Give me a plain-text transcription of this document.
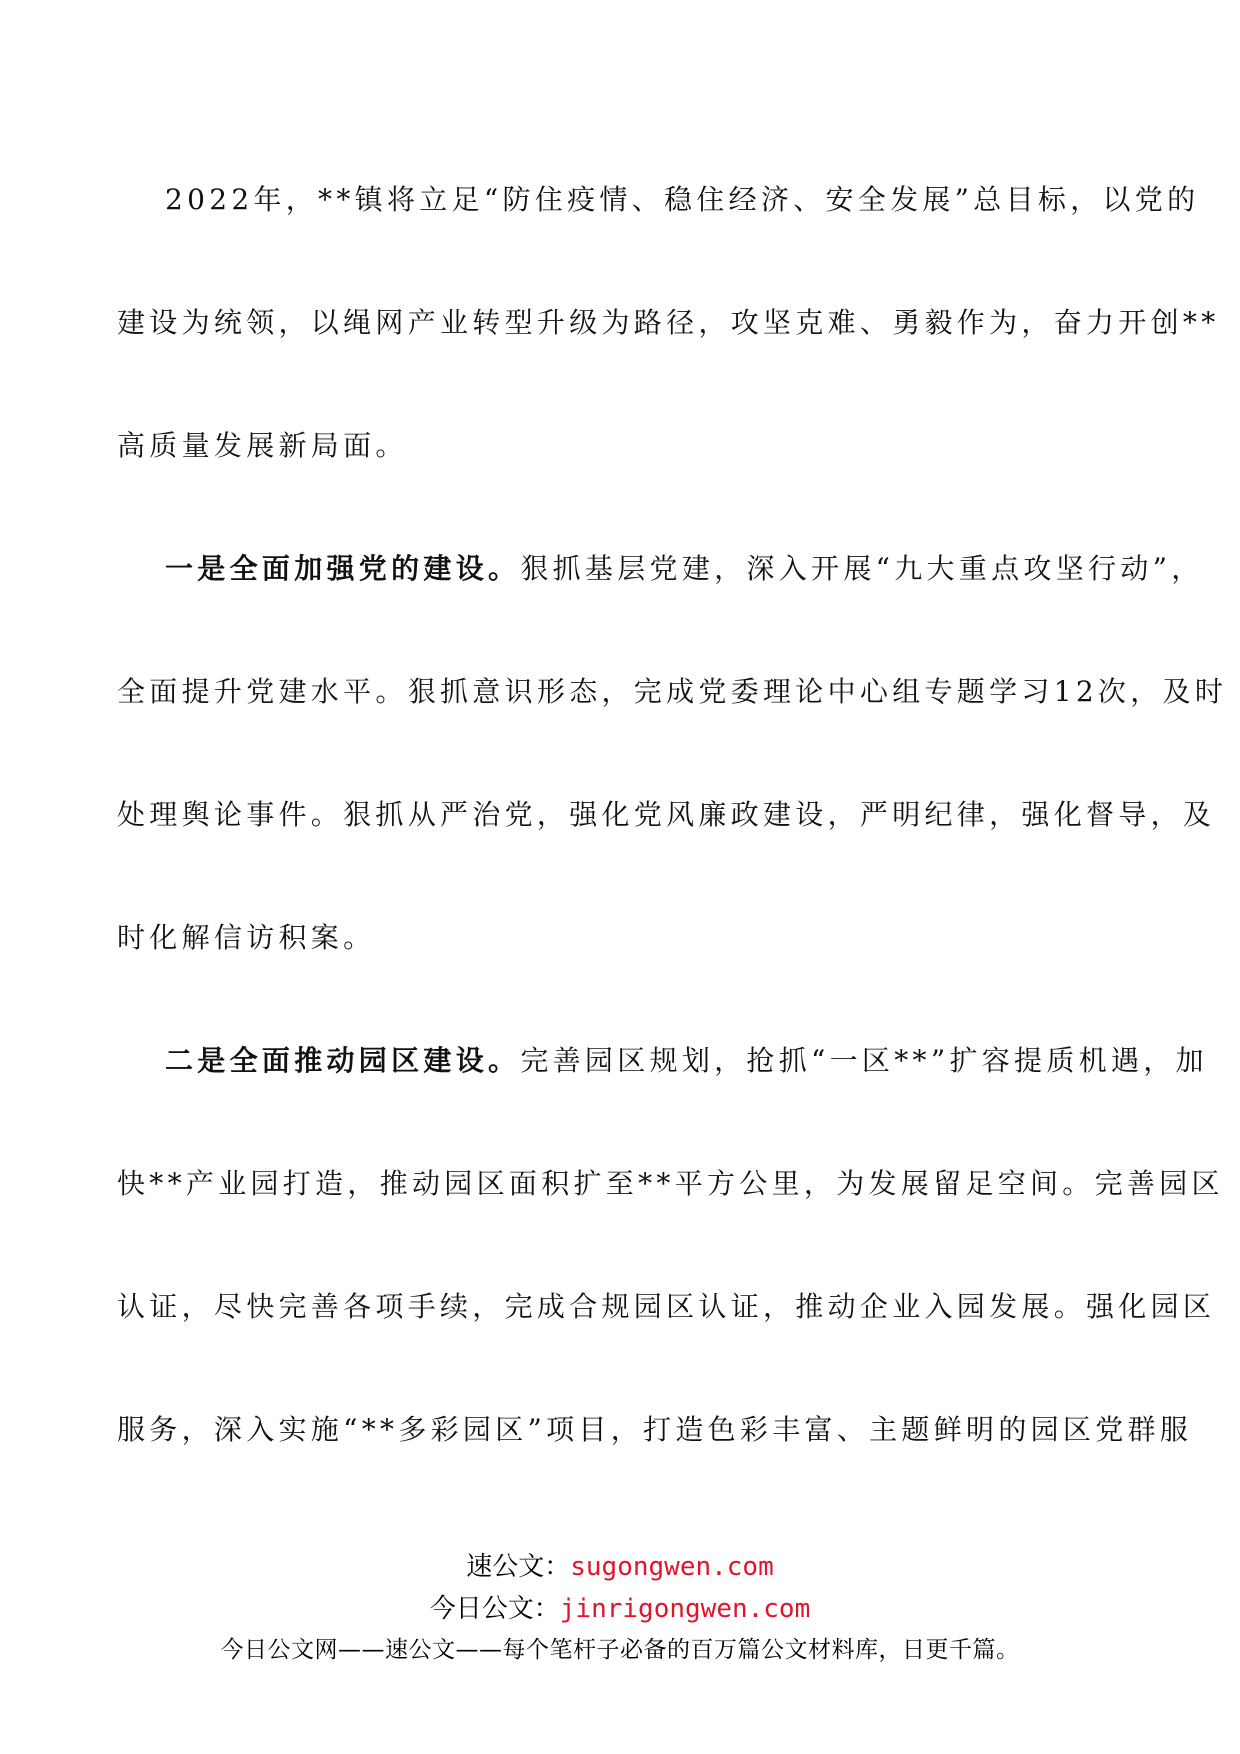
2022年，**镇将立足“防住疫情、稳住经济、安全发展”总目标，以党的
建设为统领，以绳网产业转型升级为路径，攻坚克难、勇毅作为，奋力开创**
高质量发展新局面。
一是全面加强党的建设。狠抓基层党建，深入开展“九大重点攻坚行动”，
全面提升党建水平。狠抓意识形态，完成党委理论中心组专题学习12次，及时
处理舆论事件。狠抓从严治党，强化党风廉政建设，严明纪律，强化督导，及
时化解信访积案。
二是全面推动园区建设。完善园区规划，抢抓“一区**”扩容提质机遇，加
快**产业园打造，推动园区面积扩至**平方公里，为发展留足空间。完善园区
认证，尽快完善各项手续，完成合规园区认证，推动企业入园发展。强化园区
服务，深入实施“**多彩园区”项目，打造色彩丰富、主题鲜明的园区党群服
速公文：sugongwen.com
今日公文：jinrigongwen.com
今日公文网——速公文——每个笔杆子必备的百万篇公文材料库，日更千篇。
